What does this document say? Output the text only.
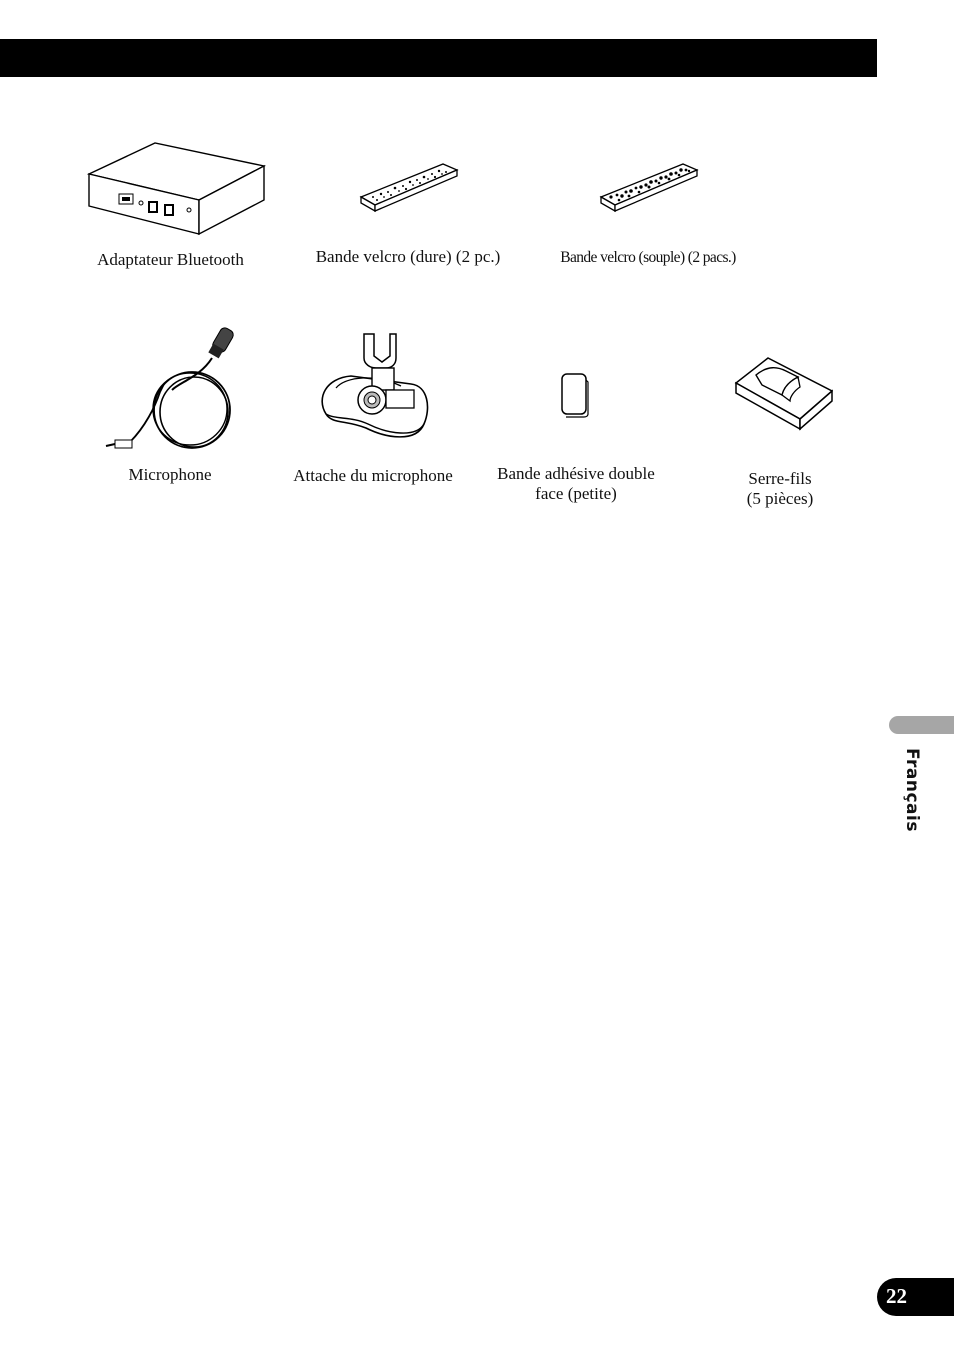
Adaptateur Bluetooth	Bande velcro (dure) (2 pc.)	Bande velcro (souple) (2 pacs.)
Microphone	Attache du microphone	Bande adhésive double
face (petite)
Serre-fils
(5 pièces)
Français
22
